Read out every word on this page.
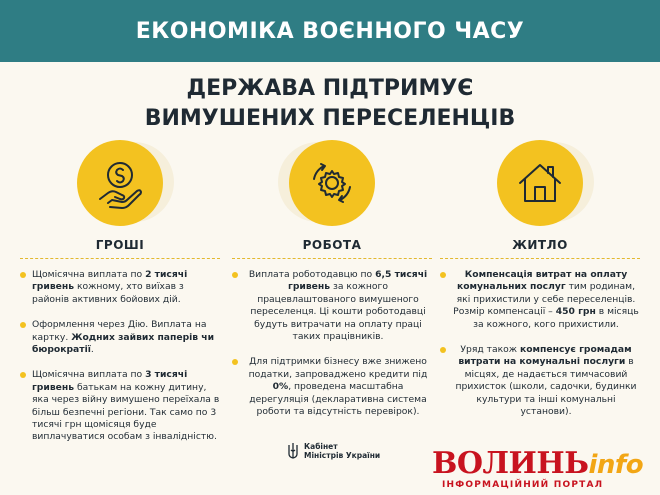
ЕКОНОМІКА ВОЄННОГО ЧАСУ
ДЕРЖАВА ПІДТРИМУЄ
ВИМУШЕНИХ ПЕРЕСЕЛЕНЦІВ
ГРОШІ
Щомісячна виплата по 2 тисячі гривень кожному, хто виїхав з районів активних бойових дій.
Оформлення через Дію. Виплата на картку. Жодних зайвих паперів чи бюрократії.
Щомісячна виплата по 3 тисячі гривень батькам на кожну дитину, яка через війну вимушено переїхала в більш безпечні регіони. Так само по 3 тисячі грн щомісяця буде виплачуватися особам з інвалідністю.
РОБОТА
Виплата роботодавцю по 6,5 тисячі гривень за кожного працевлаштованого вимушеного переселенця. Ці кошти роботодавці будуть витрачати на оплату праці таких працівників.
Для підтримки бізнесу вже знижено податки, запроваджено кредити під 0%, проведена масштабна дерегуляція (декларативна система роботи та відсутність перевірок).
ЖИТЛО
Компенсація витрат на оплату комунальних послуг тим родинам, які прихистили у себе переселенців. Розмір компенсації – 450 грн в місяць за кожного, кого прихистили.
Уряд також компенсує громадам витрати на комунальні послуги в місцях, де надається тимчасовий прихисток (школи, садочки, будинки культури та інші комунальні установи).
Кабінет
Міністрів України ВОЛИНЬinfo
ІНФОРМАЦІЙНИЙ ПОРТАЛ
